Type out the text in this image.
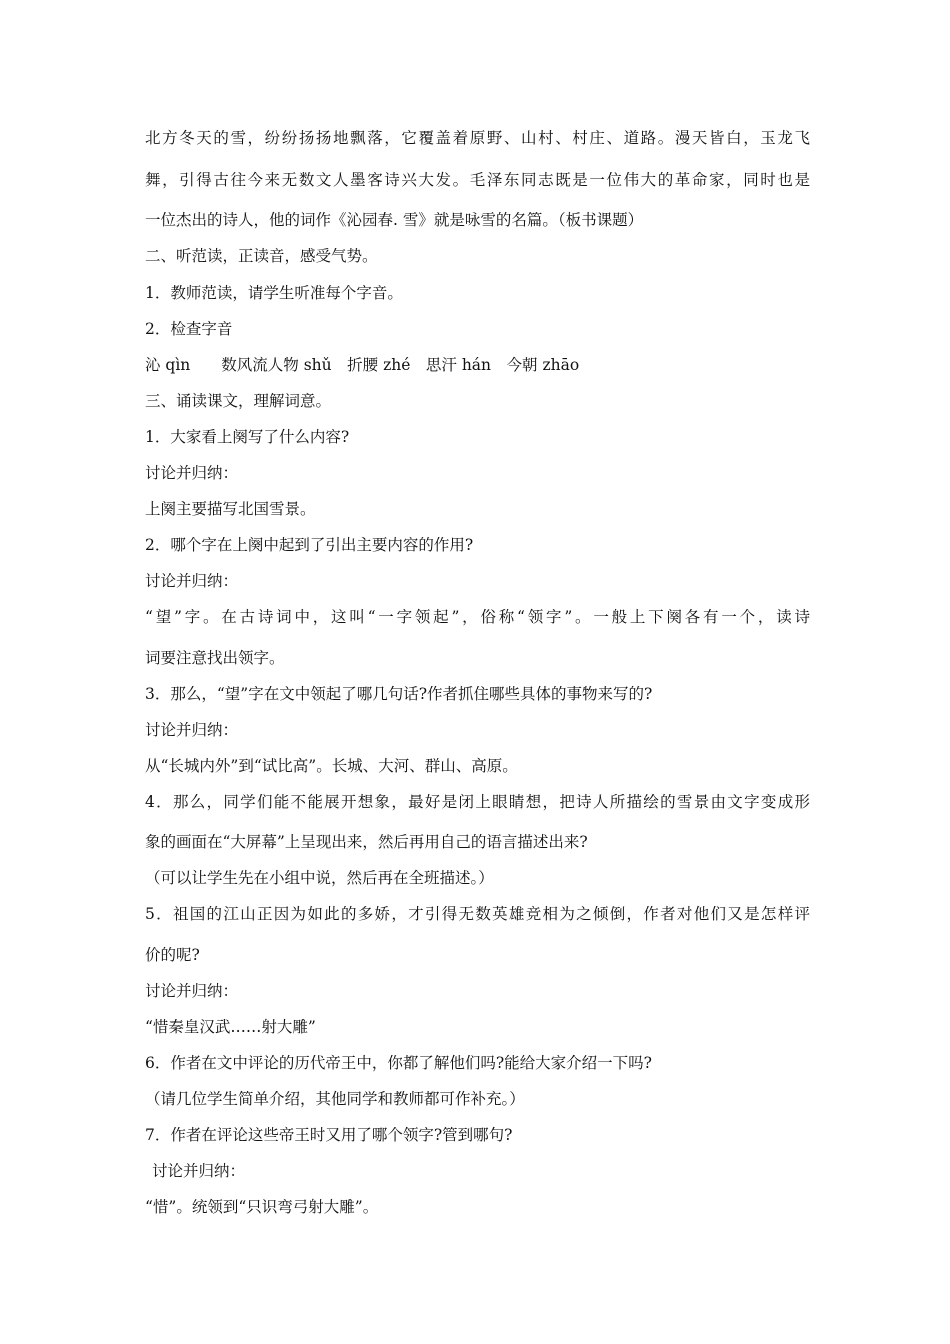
北方冬天的雪，纷纷扬扬地飘落，它覆盖着原野、山村、村庄、道路。漫天皆白，玉龙飞
舞，引得古往今来无数文人墨客诗兴大发。毛泽东同志既是一位伟大的革命家，同时也是
一位杰出的诗人，他的词作《沁园春. 雪》就是咏雪的名篇。（板书课题）
二、听范读，正读音，感受气势。
1．教师范读，请学生听准每个字音。
2．检查字音
沁 qìn　　数风流人物 shǔ　折腰 zhé　思汗 hán　今朝 zhāo
三、诵读课文，理解词意。
1．大家看上阕写了什么内容?
讨论并归纳：
上阕主要描写北国雪景。
2．哪个字在上阕中起到了引出主要内容的作用?
讨论并归纳：
“望”字。在古诗词中，这叫“一字领起”，俗称“领字”。一般上下阕各有一个，读诗
词要注意找出领字。
3．那么，“望”字在文中领起了哪几句话?作者抓住哪些具体的事物来写的?
讨论并归纳：
从“长城内外”到“试比高”。长城、大河、群山、高原。
4．那么，同学们能不能展开想象，最好是闭上眼睛想，把诗人所描绘的雪景由文字变成形
象的画面在“大屏幕”上呈现出来，然后再用自己的语言描述出来?
（可以让学生先在小组中说，然后再在全班描述。）
5．祖国的江山正因为如此的多娇，才引得无数英雄竞相为之倾倒，作者对他们又是怎样评
价的呢?
讨论并归纳：
“惜秦皇汉武……射大雕”
6．作者在文中评论的历代帝王中，你都了解他们吗?能给大家介绍一下吗?
（请几位学生简单介绍，其他同学和教师都可作补充。）
7．作者在评论这些帝王时又用了哪个领字?管到哪句?
讨论并归纳：
“惜”。统领到“只识弯弓射大雕”。
